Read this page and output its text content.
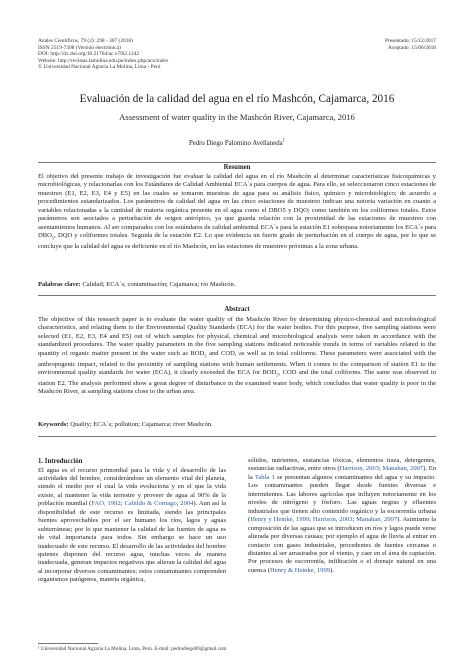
Anales Científicos, 79 (2): 298 - 307 (2018)
ISSN 2519-7398 (Versión electrónica)
DOI: http://dx.doi.org/10.21704/ac.v79i2.1242
Website: http://revistas.lamolina.edu.pe/index.php/acu/index
© Universidad Nacional Agraria La Molina, Lima - Perú
Presentado: 15/12/2017
Aceptado: 15/06/2018
Evaluación de la calidad del agua en el río Mashcón, Cajamarca, 2016
Assessment of water quality in the Mashcón River, Cajamarca, 2016
Pedro Diego Palomino Avellaneda$^1$
Resumen
El objetivo del presente trabajo de investigación fue evaluar la calidad del agua en el río Mashcón al determinar características fisicoquímicas y microbiológicas, y relacionarlas con los Estándares de Calidad Ambiental ECA´s para cuerpos de agua. Para ello, se seleccionaron cinco estaciones de muestreo (E1, E2, E3, E4 y E5) en las cuales se tomaron muestras de agua para su análisis físico, químico y microbiológico; de acuerdo a procedimientos estandarizados. Los parámetros de calidad del agua en las cinco estaciones de muestreo indican una notoria variación en cuanto a variables relacionadas a la cantidad de materia orgánica presente en el agua como el DBO5 y DQO; como también en los coliformes totales. Estos parámetros son asociados a perturbación de origen antrópico, ya que guarda relación con la proximidad de las estaciones de muestreo con asentamientos humanos. Al ser comparados con los estándares de calidad ambiental ECA´s para la estación E1 sobrepasa notoriamente los ECA´s para $DBO_5$, DQO y coliformes totales. Seguida de la estación E2. Lo que evidencia un fuerte grado de perturbación en el cuerpo de agua, por lo que se concluye que la calidad del agua es deficiente en el río Mashcón, en las estaciones de muestreo próximas a la zona urbana.
Palabras clave: Calidad; ECA´s; contaminación; Cajamarca; río Mashcón.
Abstract
The objective of this research paper is to evaluate the water quality of the Mashcón River by determining physico-chemical and microbiological characteristics, and relating them to the Environmental Quality Standards (ECA) for the water bodies. For this purpose, five sampling stations were selected (E1, E2, E3, E4 and E5) out of which samples for physical, chemical and microbiological analysis were taken in accordance with the standardized procedures. The water quality parameters in the five sampling stations indicated noticeable trends in terms of variables related to the quantity of organic matter present in the water such as $BOD_5$ and COD, as well as in total coliforms. These parameters were associated with the anthropogenic impact, related to the proximity of sampling stations with human settlements. When it comes to the comparison of station E1 to the environmental quality standards for water (ECA), it clearly exceeded the ECA for $BOD_5$, COD and the total coliforms. The same was observed in station E2. The analysis performed show a great degree of disturbance in the examined water body, which concludes that water quality is poor in the Mashcón River, at sampling stations close to the urban area.
Keywords: Quality; ECA´s; pollution; Cajamarca; river Mashcón.
1. Introducción
El agua es el recurso primordial para la vida y el desarrollo de las actividades del hombre, considerándose un elemento vital del planeta, siendo el medio por el cual la vida evoluciona y en el que la vida existe, al mantener la vida terrestre y proveer de agua al 90% de la población mundial (FAO, 1992; Cabildo & Cornago, 2004). Aun así la disponibilidad de este recurso es limitada, siendo las principales fuentes aprovechables por el ser humano los ríos, lagos y aguas subterráneas; por lo que mantener la calidad de las fuentes de agua es de vital importancia para todos. Sin embargo se hace un uso inadecuado de este recurso. El desarrollo de las actividades del hombre quienes disponen del recurso agua, muchas veces de manera inadecuada, generan impactos negativos que alteran la calidad del agua al incorporar diversos contaminantes; estos contaminantes comprenden organismos patógenos, materia orgánica,
sólidos, nutrientes, sustancias tóxicas, elementos traza, detergentes, sustancias radiactivas, entre otros (Harrison, 2003; Manahan, 2007). En la Tabla 1 se presentan algunos contaminantes del agua y su impacto. Los contaminantes pueden llegar desde fuentes diversas e intermitentes. Las labores agrícolas que influyen notoriamente en los niveles de nitrógeno y fósforo. Las aguas negras y efluentes industriales que tienen alto contenido orgánico y la escorrentía urbana (Henry y Heinke, 1999; Harrison, 2003; Manahan, 2007). Asimismo la composición de las aguas que se introducen en ríos y lagos puede verse alterada por diversas causas; por ejemplo el agua de lluvia al entrar en contacto con gases industriales, procedentes de fuentes cercanas o distantes al ser arrastrados por el viento, y caer en el área de captación. Por procesos de escorrentía, infiltración o el drenaje natural en una cuenca (Henry & Heinke, 1999).
¹ Universidad Nacional Agraria La Molina, Lima, Perú. E-mail: pedrodiego89@gmail.com
